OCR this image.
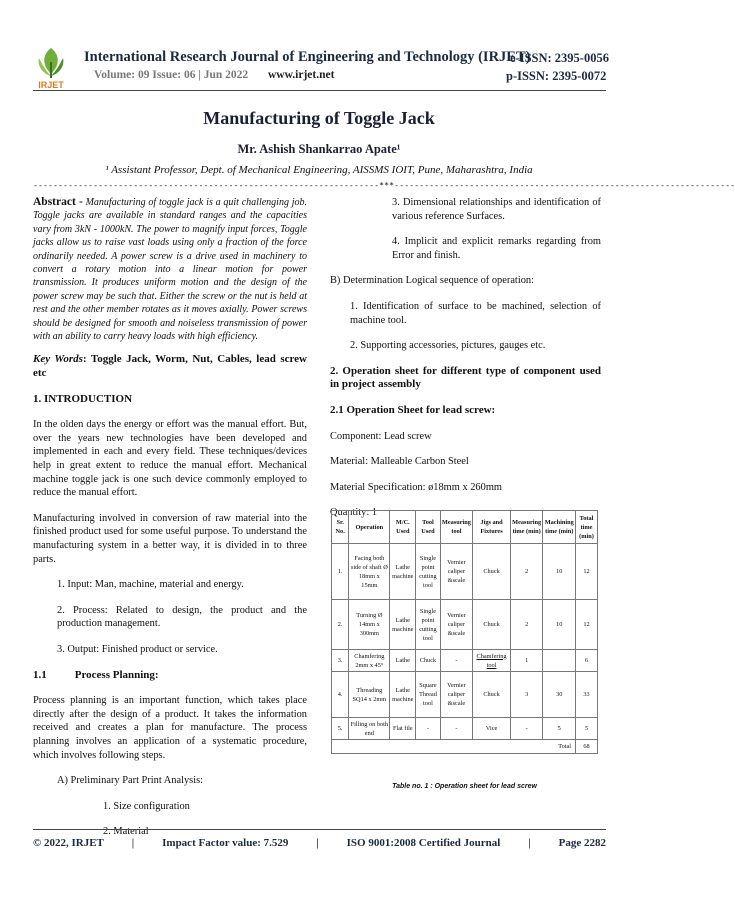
IRJET
International Research Journal of Engineering and Technology (IRJET)
e-ISSN: 2395-0056
Volume: 09 Issue: 06 | Jun 2022 www.irjet.net	p-ISSN: 2395-0072
Manufacturing of Toggle Jack
Mr. Ashish Shankarrao Apate¹
¹ Assistant Professor, Dept. of Mechanical Engineering, AISSMS IOIT, Pune, Maharashtra, India
---------------------------------------------------------------------***--------------------------------------------------------------------

Abstract - Manufacturing of toggle jack is a quit challenging job. Toggle jacks are available in standard ranges and the capacities vary from 3kN - 1000kN. The power to magnify input forces, Toggle jacks allow us to raise vast loads using only a fraction of the force ordinarily needed. A power screw is a drive used in machinery to convert a rotary motion into a linear motion for power transmission. It produces uniform motion and the design of the power screw may be such that. Either the screw or the nut is held at rest and the other member rotates as it moves axially. Power screws should be designed for smooth and noiseless transmission of power with an ability to carry heavy loads with high efficiency.

Key Words: Toggle Jack, Worm, Nut, Cables, lead screw etc

1. INTRODUCTION

In the olden days the energy or effort was the manual effort. But, over the years new technologies have been developed and implemented in each and every field. These techniques/devices help in great extent to reduce the manual effort. Mechanical machine toggle jack is one such device commonly employed to reduce the manual effort.

Manufacturing involved in conversion of raw material into the finished product used for some useful purpose. To understand the manufacturing system in a better way, it is divided in to three parts.

1. Input: Man, machine, material and energy.

2. Process: Related to design, the product and the production management.

3. Output: Finished product or service.

1.1	Process Planning:

Process planning is an important function, which takes place directly after the design of a product. It takes the information received and creates a plan for manufacture. The process planning involves an application of a systematic procedure, which involves following steps.

A) Preliminary Part Print Analysis:

1. Size configuration

2. Material

3. Dimensional relationships and identification of various reference Surfaces.

4. Implicit and explicit remarks regarding from Error and finish.

B) Determination Logical sequence of operation:

1. Identification of surface to be machined, selection of machine tool.

2. Supporting accessories, pictures, gauges etc.

2. Operation sheet for different type of component used in project assembly

2.1 Operation Sheet for lead screw:

Component: Lead screw

Material: Malleable Carbon Steel

Material Specification: ø18mm x 260mm

Quantity: 1

Sr. No.	Operation	M/C. Used	Tool Used	Measuring tool	Jigs and Fixtures	Measuring time (min)	Machining time (min)	Total time (min)
1.	Facing both side of shaft Ø 18mm x 15mm	Lathe machine	Single point cutting tool	Vernier caliper &scale	Chuck	2	10	12
2.	Turning Ø 14mm x 300mm	Lathe machine	Single point cutting tool	Vernier caliper &scale	Chuck	2	10	12
3.	Chamfering 2mm x 45°	Lathe	Chuck	-	Chamfering tool	1		6
4.	Threading SQ14 x 2mm	Lathe machine	Square Thread tool	Vernier caliper &scale	Chuck	3	30	33
5.	Filling on both end	Flat file	-	-	Vice	-	5	5
Total								68
Table no. 1 : Operation sheet for lead screw
© 2022, IRJET	|	Impact Factor value: 7.529	|	ISO 9001:2008 Certified Journal	|	Page 2282
